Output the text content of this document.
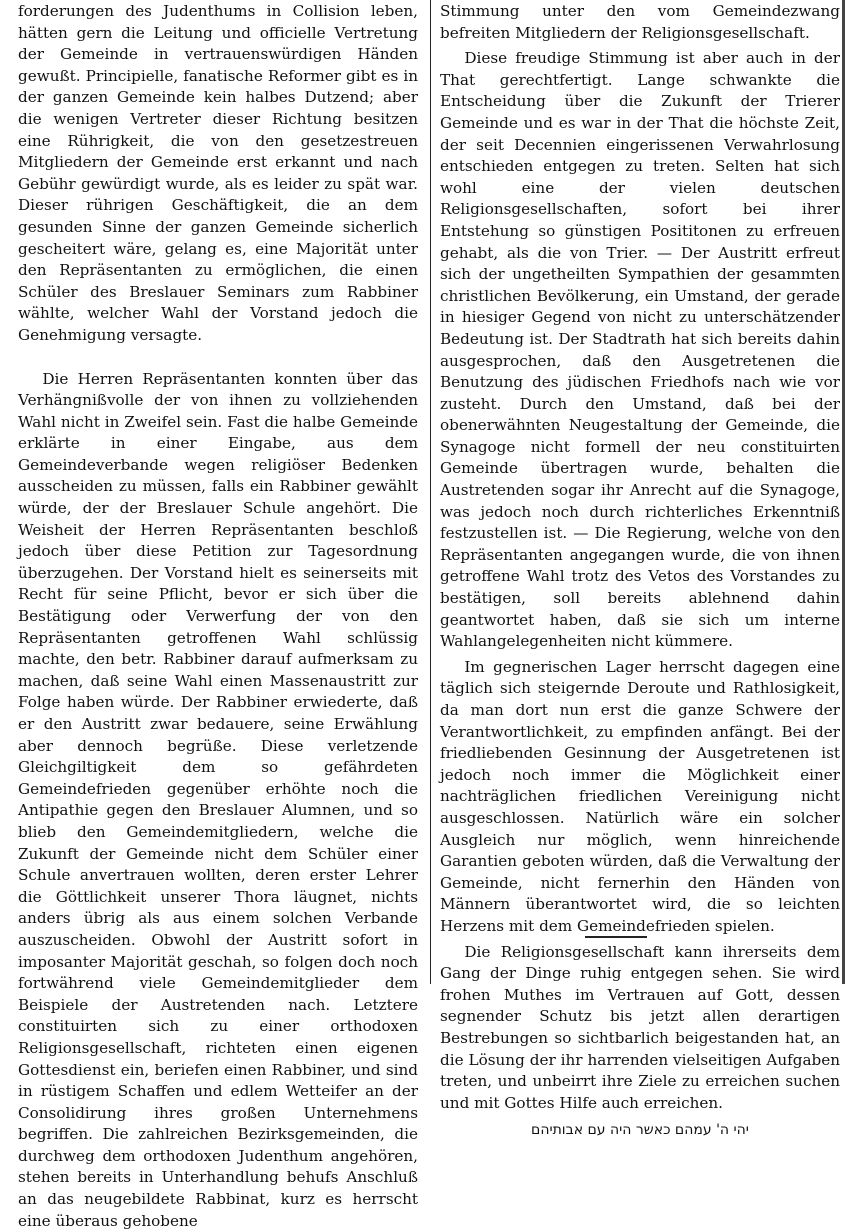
forderungen des Judenthums in Collision leben, hätten gern die Leitung und officielle Vertretung der Gemeinde in vertrauenswürdigen Händen gewußt. Principielle, fanatische Reformer gibt es in der ganzen Gemeinde kein halbes Dutzend; aber die wenigen Vertreter dieser Richtung besitzen eine Rührigkeit, die von den gesetzestreuen Mitgliedern der Gemeinde erst erkannt und nach Gebühr gewürdigt wurde, als es leider zu spät war. Dieser rührigen Geschäftigkeit, die an dem gesunden Sinne der ganzen Gemeinde sicherlich gescheitert wäre, gelang es, eine Majorität unter den Repräsentanten zu ermöglichen, die einen Schüler des Breslauer Seminars zum Rabbiner wählte, welcher Wahl der Vorstand jedoch die Genehmigung versagte.

Die Herren Repräsentanten konnten über das Verhängnißvolle der von ihnen zu vollziehenden Wahl nicht in Zweifel sein. Fast die halbe Gemeinde erklärte in einer Eingabe, aus dem Gemeindeverbande wegen religiöser Bedenken ausscheiden zu müssen, falls ein Rabbiner gewählt würde, der der Breslauer Schule angehört. Die Weisheit der Herren Repräsentanten beschloß jedoch über diese Petition zur Tagesordnung überzugehen. Der Vorstand hielt es seinerseits mit Recht für seine Pflicht, bevor er sich über die Bestätigung oder Verwerfung der von den Repräsentanten getroffenen Wahl schlüssig machte, den betr. Rabbiner darauf aufmerksam zu machen, daß seine Wahl einen Massenaustritt zur Folge haben würde. Der Rabbiner erwiederte, daß er den Austritt zwar bedauere, seine Erwählung aber dennoch begrüße. Diese verletzende Gleichgiltigkeit dem so gefährdeten Gemeindefrieden gegenüber erhöhte noch die Antipathie gegen den Breslauer Alumnen, und so blieb den Gemeindemitgliedern, welche die Zukunft der Gemeinde nicht dem Schüler einer Schule anvertrauen wollten, deren erster Lehrer die Göttlichkeit unserer Thora läugnet, nichts anders übrig als aus einem solchen Verbande auszuscheiden. Obwohl der Austritt sofort in imposanter Majorität geschah, so folgen doch noch fortwährend viele Gemeindemitglieder dem Beispiele der Austretenden nach. Letztere constituirten sich zu einer orthodoxen Religionsgesellschaft, richteten einen eigenen Gottesdienst ein, beriefen einen Rabbiner, und sind in rüstigem Schaffen und edlem Wetteifer an der Consolidirung ihres großen Unternehmens begriffen. Die zahlreichen Bezirksgemeinden, die durchweg dem orthodoxen Judenthum angehören, stehen bereits in Unterhandlung behufs Anschluß an das neugebildete Rabbinat, kurz es herrscht eine überaus gehobene

Stimmung unter den vom Gemeindezwang befreiten Mitgliedern der Religionsgesellschaft.

Diese freudige Stimmung ist aber auch in der That gerechtfertigt. Lange schwankte die Entscheidung über die Zukunft der Trierer Gemeinde und es war in der That die höchste Zeit, der seit Decennien eingerissenen Verwahrlosung entschieden entgegen zu treten. Selten hat sich wohl eine der vielen deutschen Religionsgesellschaften, sofort bei ihrer Entstehung so günstigen Posititonen zu erfreuen gehabt, als die von Trier. — Der Austritt erfreut sich der ungetheilten Sympathien der gesammten christlichen Bevölkerung, ein Umstand, der gerade in hiesiger Gegend von nicht zu unterschätzender Bedeutung ist. Der Stadtrath hat sich bereits dahin ausgesprochen, daß den Ausgetretenen die Benutzung des jüdischen Friedhofs nach wie vor zusteht. Durch den Umstand, daß bei der obenerwähnten Neugestaltung der Gemeinde, die Synagoge nicht formell der neu constituirten Gemeinde übertragen wurde, behalten die Austretenden sogar ihr Anrecht auf die Synagoge, was jedoch noch durch richterliches Erkenntniß festzustellen ist. — Die Regierung, welche von den Repräsentanten angegangen wurde, die von ihnen getroffene Wahl trotz des Vetos des Vorstandes zu bestätigen, soll bereits ablehnend dahin geantwortet haben, daß sie sich um interne Wahlangelegenheiten nicht kümmere.

Im gegnerischen Lager herrscht dagegen eine täglich sich steigernde Deroute und Rathlosigkeit, da man dort nun erst die ganze Schwere der Verantwortlichkeit, zu empfinden anfängt. Bei der friedliebenden Gesinnung der Ausgetretenen ist jedoch noch immer die Möglichkeit einer nachträglichen friedlichen Vereinigung nicht ausgeschlossen. Natürlich wäre ein solcher Ausgleich nur möglich, wenn hinreichende Garantien geboten würden, daß die Verwaltung der Gemeinde, nicht fernerhin den Händen von Männern überantwortet wird, die so leichten Herzens mit dem Gemeindefrieden spielen.

Die Religionsgesellschaft kann ihrerseits dem Gang der Dinge ruhig entgegen sehen. Sie wird frohen Muthes im Vertrauen auf Gott, dessen segnender Schutz bis jetzt allen derartigen Bestrebungen so sichtbarlich beigestanden hat, an die Lösung der ihr harrenden vielseitigen Aufgaben treten, und unbeirrt ihre Ziele zu erreichen suchen und mit Gottes Hilfe auch erreichen.

יהי ה' עמהם כאשר היה עם אבותיהם
